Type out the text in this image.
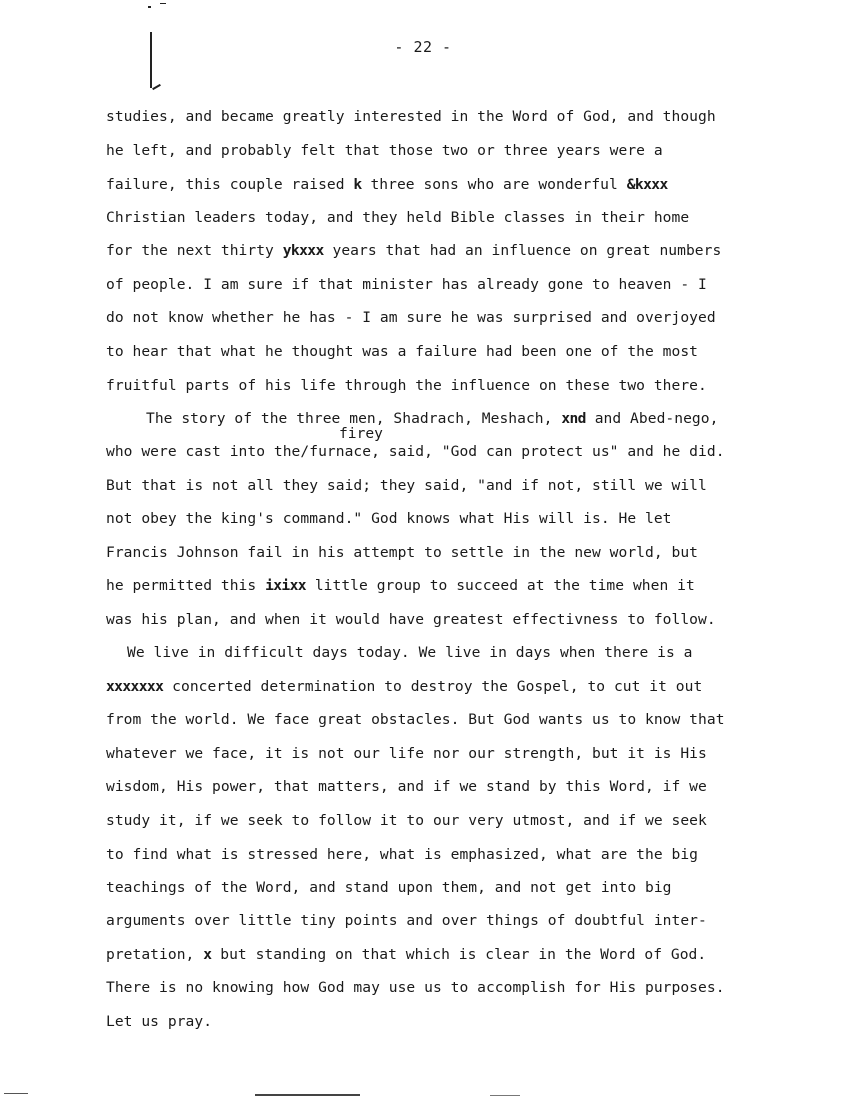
- 22 -
firey
studies, and became greatly interested in the Word of God, and though
he left, and probably felt that those two or three years were a
failure, this couple raised k three sons who are wonderful &kxxx
Christian leaders today, and they held Bible classes in their home
for the next thirty ykxxx years that had an influence on great numbers
of people. I am sure if that minister has already gone to heaven - I
do not know whether he has - I am sure he was surprised and overjoyed
to hear that what he thought was a failure had been one of the most
fruitful parts of his life through the influence on these two there.
The story of the three men, Shadrach, Meshach, xnd and Abed-nego,
who were cast into the/furnace, said, "God can protect us" and he did.
But that is not all they said; they said, "and if not, still we will
not obey the king's command." God knows what His will is. He let
Francis Johnson fail in his attempt to settle in the new world, but
he permitted this ixixx little group to succeed at the time when it
was his plan, and when it would have greatest effectivness to follow.
We live in difficult days today. We live in days when there is a
xxxxxxx concerted determination to destroy the Gospel, to cut it out
from the world. We face great obstacles. But God wants us to know that
whatever we face, it is not our life nor our strength, but it is His
wisdom, His power, that matters, and if we stand by this Word, if we
study it, if we seek to follow it to our very utmost, and if we seek
to find what is stressed here, what is emphasized, what are the big
teachings of the Word, and stand upon them, and not get into big
arguments over little tiny points and over things of doubtful inter-
pretation, x but standing on that which is clear in the Word of God.
There is no knowing how God may use us to accomplish for His purposes.
Let us pray.
